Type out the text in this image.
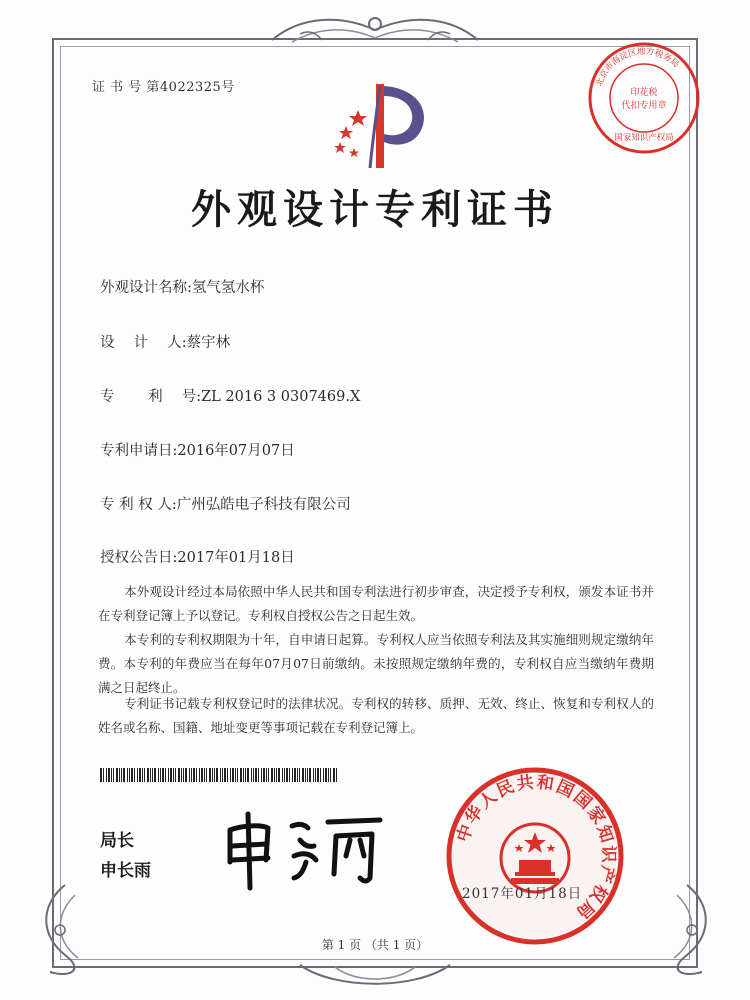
证 书 号 第4022325号
外观设计专利证书
外观设计名称:氢气氢水杯
设　 计 　人:蔡宇林
专　 　利 　号:ZL 2016 3 0307469.X
专利申请日:2016年07月07日
专 利 权 人:广州弘皓电子科技有限公司
授权公告日:2017年01月18日
本外观设计经过本局依照中华人民共和国专利法进行初步审查，决定授予专利权，颁发本证书并在专利登记簿上予以登记。专利权自授权公告之日起生效。
本专利的专利权期限为十年，自申请日起算。专利权人应当依照专利法及其实施细则规定缴纳年费。本专利的年费应当在每年07月07日前缴纳。未按照规定缴纳年费的，专利权自应当缴纳年费期满之日起终止。
专利证书记载专利权登记时的法律状况。专利权的转移、质押、无效、终止、恢复和专利权人的姓名或名称、国籍、地址变更等事项记载在专利登记簿上。
局长
申长雨
中华人民共和国国家知识产权局
2017年01月18日
北京市海淀区地方税务局
印花税
代扣专用章
国家知识产权局
第 1 页 （共 1 页）
